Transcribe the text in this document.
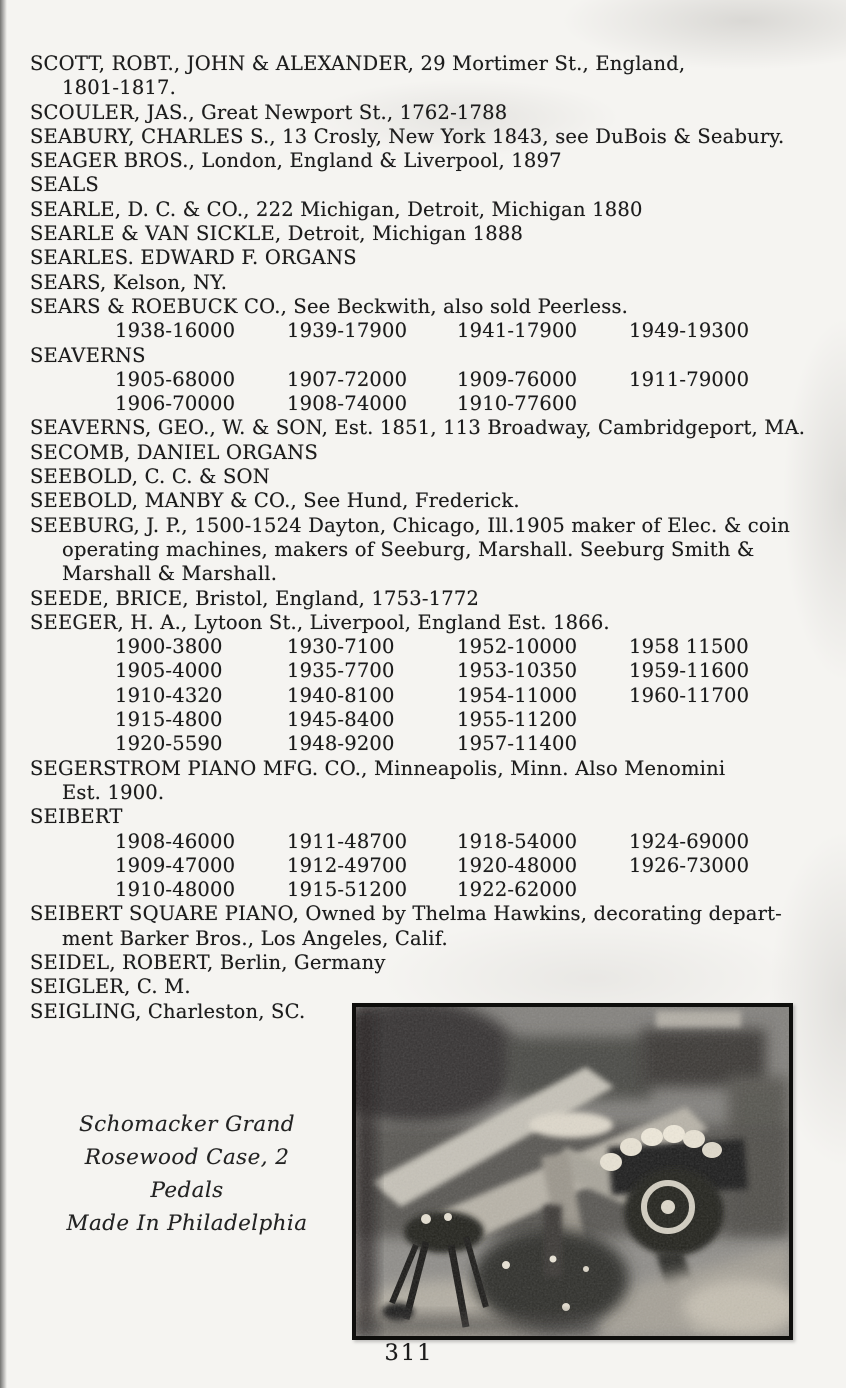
SCOTT, ROBT., JOHN & ALEXANDER, 29 Mortimer St., England,
1801-1817.
SCOULER, JAS., Great Newport St., 1762-1788
SEABURY, CHARLES S., 13 Crosly, New York 1843, see DuBois & Seabury.
SEAGER BROS., London, England & Liverpool, 1897
SEALS
SEARLE, D. C. & CO., 222 Michigan, Detroit, Michigan 1880
SEARLE & VAN SICKLE, Detroit, Michigan 1888
SEARLES. EDWARD F. ORGANS
SEARS, Kelson, NY.
SEARS & ROEBUCK CO., See Beckwith, also sold Peerless.
1938-16000	1939-17900	1941-17900	1949-19300
SEAVERNS
1905-68000	1907-72000	1909-76000	1911-79000
1906-70000	1908-74000	1910-77600
SEAVERNS, GEO., W. & SON, Est. 1851, 113 Broadway, Cambridgeport, MA.
SECOMB, DANIEL ORGANS
SEEBOLD, C. C. & SON
SEEBOLD, MANBY & CO., See Hund, Frederick.
SEEBURG, J. P., 1500-1524 Dayton, Chicago, Ill.1905 maker of Elec. & coin
operating machines, makers of Seeburg, Marshall. Seeburg Smith &
Marshall & Marshall.
SEEDE, BRICE, Bristol, England, 1753-1772
SEEGER, H. A., Lytoon St., Liverpool, England Est. 1866.
1900-3800	1930-7100	1952-10000	1958 11500
1905-4000	1935-7700	1953-10350	1959-11600
1910-4320	1940-8100	1954-11000	1960-11700
1915-4800	1945-8400	1955-11200
1920-5590	1948-9200	1957-11400
SEGERSTROM PIANO MFG. CO., Minneapolis, Minn. Also Menomini
Est. 1900.
SEIBERT
1908-46000	1911-48700	1918-54000	1924-69000
1909-47000	1912-49700	1920-48000	1926-73000
1910-48000	1915-51200	1922-62000
SEIBERT SQUARE PIANO, Owned by Thelma Hawkins, decorating depart-
ment Barker Bros., Los Angeles, Calif.
SEIDEL, ROBERT, Berlin, Germany
SEIGLER, C. M.
SEIGLING, Charleston, SC.
Schomacker Grand
Rosewood Case, 2 Pedals
Made In Philadelphia
311
